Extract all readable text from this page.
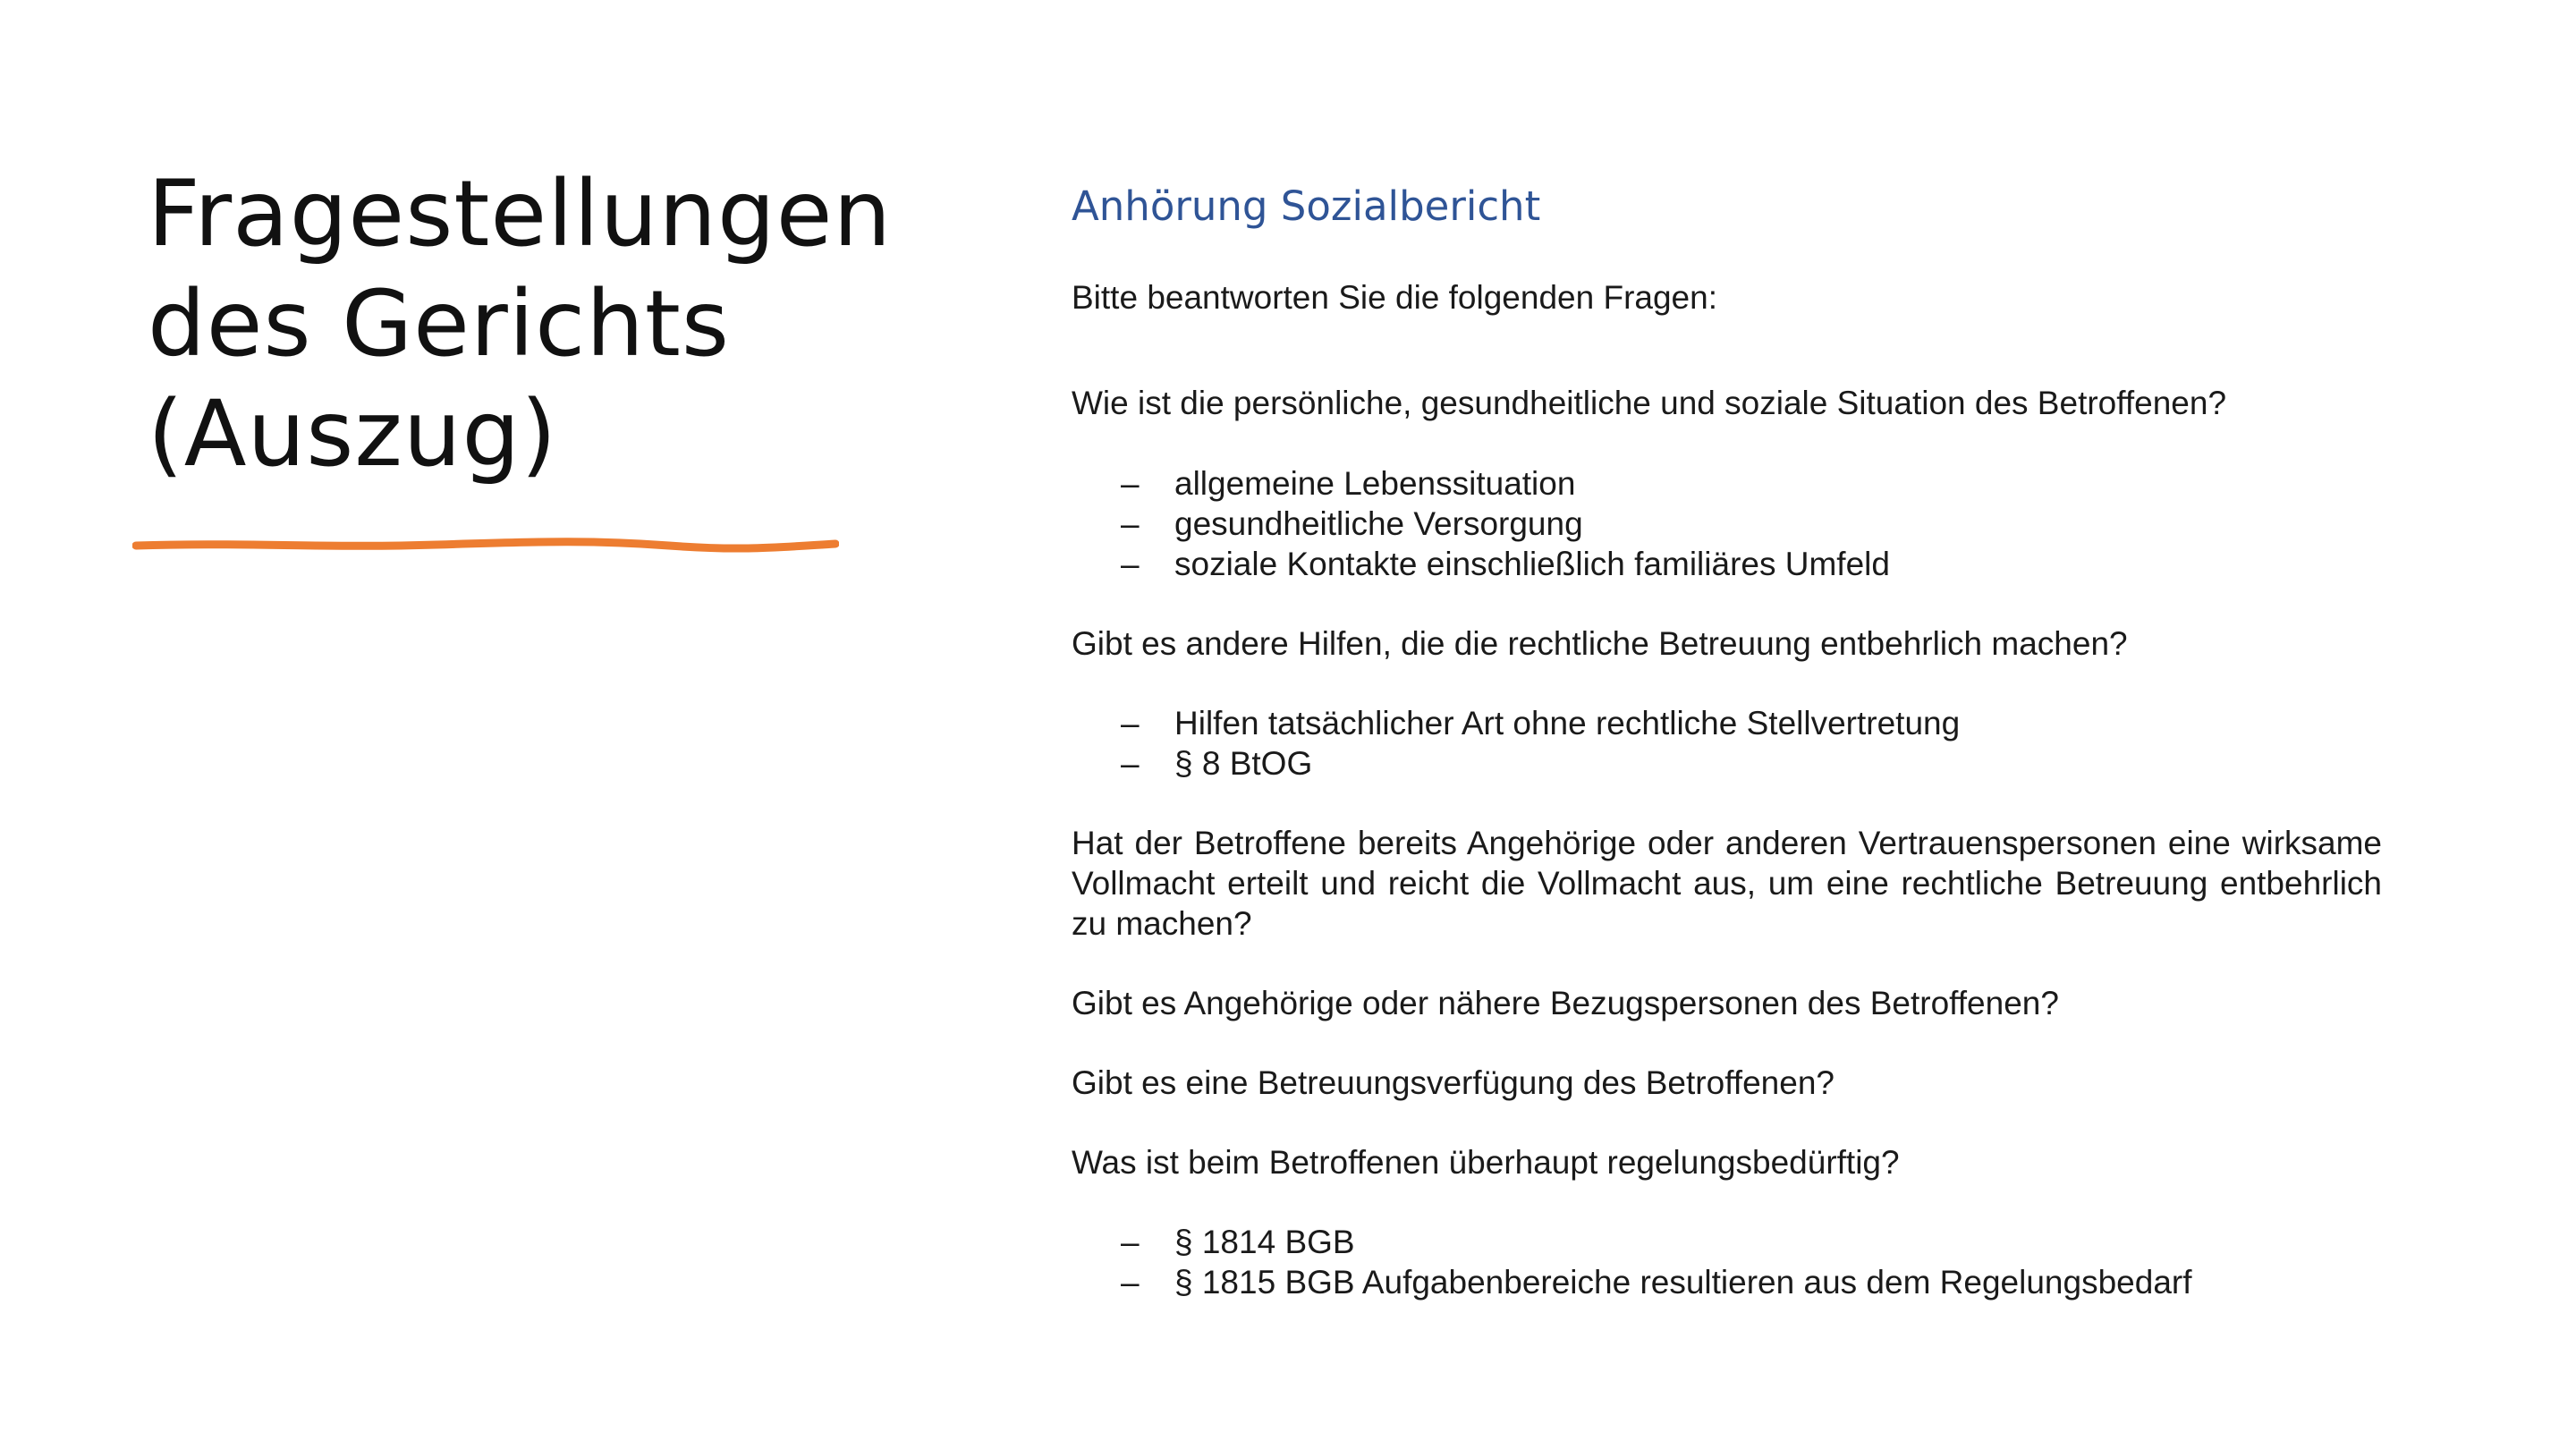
Fragestellungen
des Gerichts
(Auszug)
Anhörung Sozialbericht

Bitte beantworten Sie die folgenden Fragen:

Wie ist die persönliche, gesundheitliche und soziale Situation des Betroffenen?

– allgemeine Lebenssituation
– gesundheitliche Versorgung
– soziale Kontakte einschließlich familiäres Umfeld

Gibt es andere Hilfen, die die rechtliche Betreuung entbehrlich machen?

– Hilfen tatsächlicher Art ohne rechtliche Stellvertretung
– § 8 BtOG

Hat der Betroffene bereits Angehörige oder anderen Vertrauenspersonen eine wirksame Vollmacht erteilt und reicht die Vollmacht aus, um eine rechtliche Betreuung entbehrlich zu machen?

Gibt es Angehörige oder nähere Bezugspersonen des Betroffenen?

Gibt es eine Betreuungsverfügung des Betroffenen?

Was ist beim Betroffenen überhaupt regelungsbedürftig?

– § 1814 BGB
– § 1815 BGB Aufgabenbereiche resultieren aus dem Regelungsbedarf
